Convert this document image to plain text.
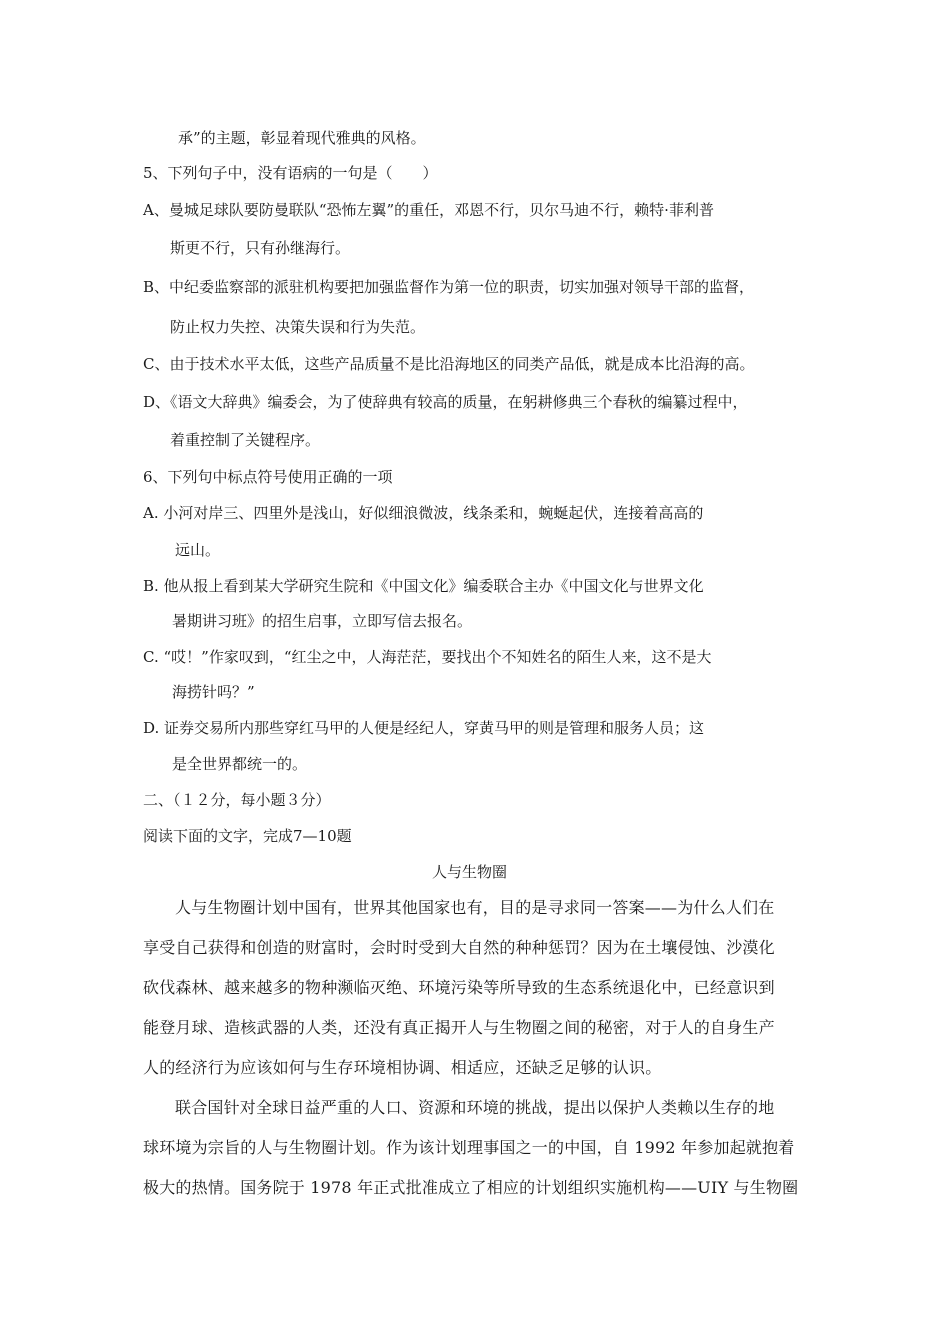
承”的主题，彰显着现代雅典的风格。
5、下列句子中，没有语病的一句是（　　）
A、曼城足球队要防曼联队“恐怖左翼”的重任，邓恩不行，贝尔马迪不行，赖特·菲利普
斯更不行，只有孙继海行。
B、中纪委监察部的派驻机构要把加强监督作为第一位的职责，切实加强对领导干部的监督，
防止权力失控、决策失误和行为失范。
C、由于技术水平太低，这些产品质量不是比沿海地区的同类产品低，就是成本比沿海的高。
D、《语文大辞典》编委会，为了使辞典有较高的质量，在躬耕修典三个春秋的编纂过程中，
着重控制了关键程序。
6、下列句中标点符号使用正确的一项
A. 小河对岸三、四里外是浅山，好似细浪微波，线条柔和，蜿蜒起伏，连接着高高的
远山。
B. 他从报上看到某大学研究生院和《中国文化》编委联合主办《中国文化与世界文化
暑期讲习班》的招生启事，立即写信去报名。
C. “哎！”作家叹到，“红尘之中，人海茫茫，要找出个不知姓名的陌生人来，这不是大
海捞针吗？”
D. 证券交易所内那些穿红马甲的人便是经纪人，穿黄马甲的则是管理和服务人员；这
是全世界都统一的。
二、（１２分，每小题３分）
阅读下面的文字，完成7—10题
人与生物圈
人与生物圈计划中国有，世界其他国家也有，目的是寻求同一答案——为什么人们在
享受自己获得和创造的财富时，会时时受到大自然的种种惩罚？因为在土壤侵蚀、沙漠化
砍伐森林、越来越多的物种濒临灭绝、环境污染等所导致的生态系统退化中，已经意识到
能登月球、造核武器的人类，还没有真正揭开人与生物圈之间的秘密，对于人的自身生产
人的经济行为应该如何与生存环境相协调、相适应，还缺乏足够的认识。
联合国针对全球日益严重的人口、资源和环境的挑战，提出以保护人类赖以生存的地
球环境为宗旨的人与生物圈计划。作为该计划理事国之一的中国，自 1992 年参加起就抱着
极大的热情。国务院于 1978 年正式批准成立了相应的计划组织实施机构——UIY 与生物圈
